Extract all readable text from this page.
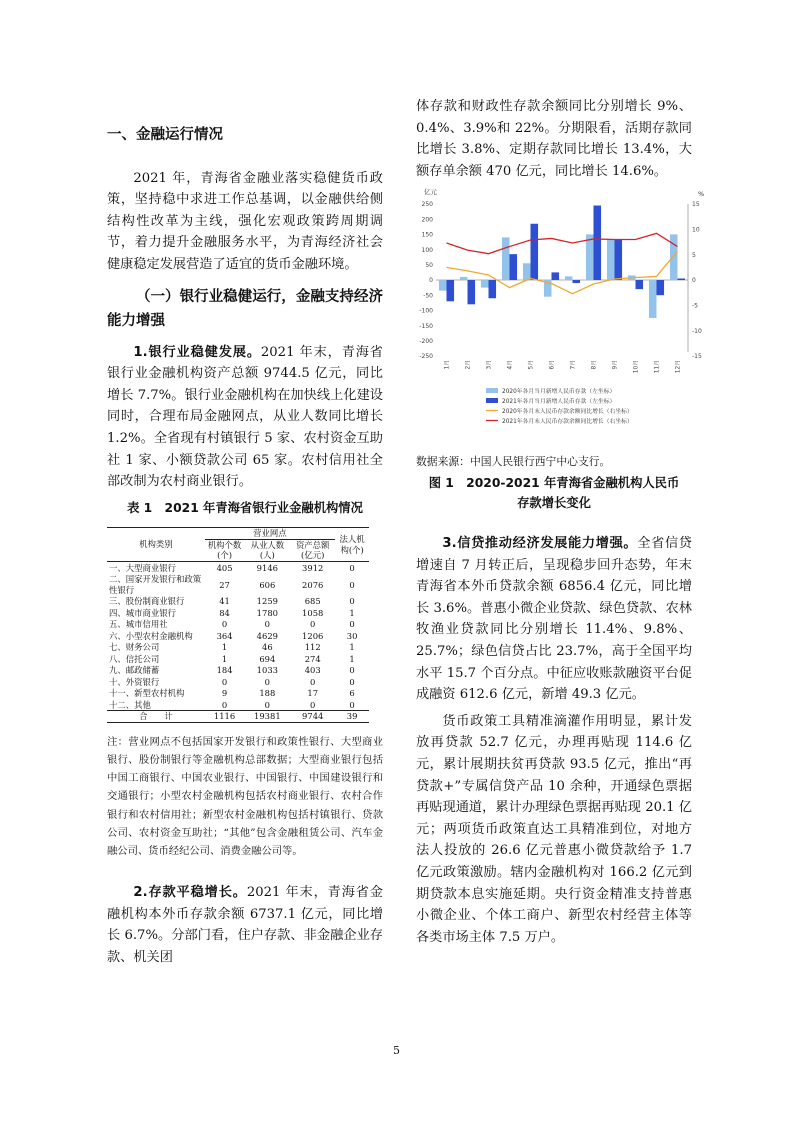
一、金融运行情况

2021 年，青海省金融业落实稳健货币政策，坚持稳中求进工作总基调，以金融供给侧结构性改革为主线，强化宏观政策跨周期调节，着力提升金融服务水平，为青海经济社会健康稳定发展营造了适宜的货币金融环境。

（一）银行业稳健运行，金融支持经济能力增强

1.银行业稳健发展。2021 年末，青海省银行业金融机构资产总额 9744.5 亿元，同比增长 7.7%。银行业金融机构在加快线上化建设同时，合理布局金融网点，从业人数同比增长 1.2%。全省现有村镇银行 5 家、农村资金互助社 1 家、小额贷款公司 65 家。农村信用社全部改制为农村商业银行。

表 1　2021 年青海省银行业金融机构情况
机构类别	营业网点			法人机构(个)
	机构个数(个)	从业人数(人)	资产总额(亿元)	
一、大型商业银行	405	9146	3912	0
二、国家开发银行和政策性银行	27	606	2076	0
三、股份制商业银行	41	1259	685	0
四、城市商业银行	84	1780	1058	1
五、城市信用社	0	0	0	0
六、小型农村金融机构	364	4629	1206	30
七、财务公司	1	46	112	1
八、信托公司	1	694	274	1
九、邮政储蓄	184	1033	403	0
十、外资银行	0	0	0	0
十一、新型农村机构	9	188	17	6
十二、其他	0	0	0	0
合　　计	1116	19381	9744	39

注：营业网点不包括国家开发银行和政策性银行、大型商业银行、股份制银行等金融机构总部数据；大型商业银行包括中国工商银行、中国农业银行、中国银行、中国建设银行和交通银行；小型农村金融机构包括农村商业银行、农村合作银行和农村信用社；新型农村金融机构包括村镇银行、贷款公司、农村资金互助社；“其他”包含金融租赁公司、汽车金融公司、货币经纪公司、消费金融公司等。

2.存款平稳增长。2021 年末，青海省金融机构本外币存款余额 6737.1 亿元，同比增长 6.7%。分部门看，住户存款、非金融企业存款、机关团

体存款和财政性存款余额同比分别增长 9%、0.4%、3.9%和 22%。分期限看，活期存款同比增长 3.8%、定期存款同比增长 13.4%，大额存单余额 470 亿元，同比增长 14.6%。

亿元	%
250
200
150
100
50
0
-50
-100
-150
-200
-250
15
10
5
0
-5
-10
-15
1月	2月	3月	4月	5月	6月	7月	8月	9月	10月	11月	12月
2020年各月当月新增人民币存款（左坐标）
2021年各月当月新增人民币存款（左坐标）
2020年各月末人民币存款余额同比增长（右坐标）
2021年各月末人民币存款余额同比增长（右坐标）
数据来源：中国人民银行西宁中心支行。
图 1　2020-2021 年青海省金融机构人民币
存款增长变化

3.信贷推动经济发展能力增强。全省信贷增速自 7 月转正后，呈现稳步回升态势，年末青海省本外币贷款余额 6856.4 亿元，同比增长 3.6%。普惠小微企业贷款、绿色贷款、农林牧渔业贷款同比分别增长 11.4%、9.8%、25.7%；绿色信贷占比 23.7%，高于全国平均水平 15.7 个百分点。中征应收账款融资平台促成融资 612.6 亿元，新增 49.3 亿元。

货币政策工具精准滴灌作用明显，累计发放再贷款 52.7 亿元，办理再贴现 114.6 亿元，累计展期扶贫再贷款 93.5 亿元，推出“再贷款+”专属信贷产品 10 余种，开通绿色票据再贴现通道，累计办理绿色票据再贴现 20.1 亿元；两项货币政策直达工具精准到位，对地方法人投放的 26.6 亿元普惠小微贷款给予 1.7 亿元政策激励。辖内金融机构对 166.2 亿元到期贷款本息实施延期。央行资金精准支持普惠小微企业、个体工商户、新型农村经营主体等各类市场主体 7.5 万户。

5
